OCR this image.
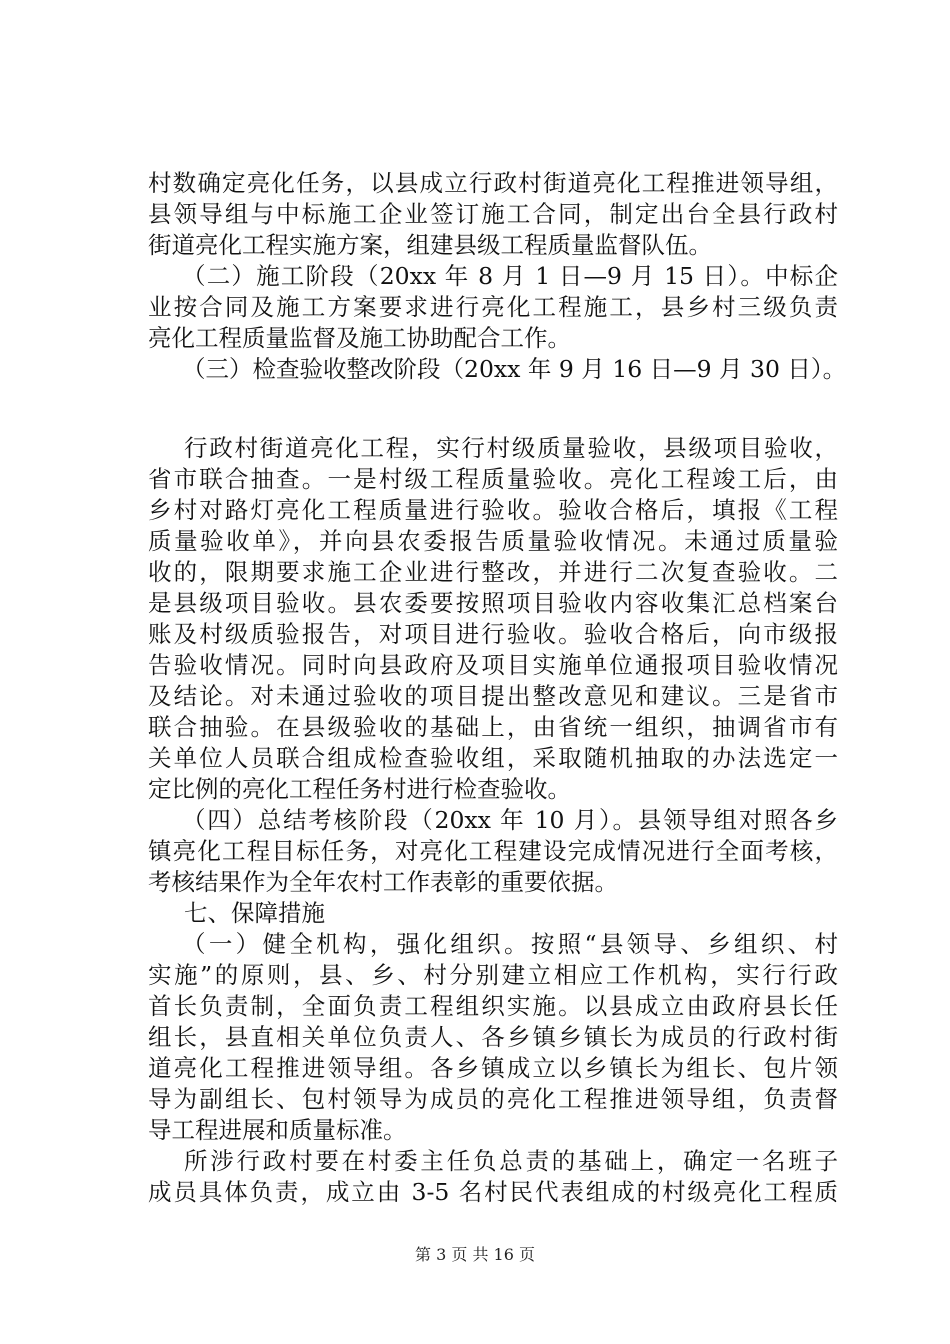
村数确定亮化任务，以县成立行政村街道亮化工程推进领导组，
县领导组与中标施工企业签订施工合同，制定出台全县行政村
街道亮化工程实施方案，组建县级工程质量监督队伍。
（二）施工阶段（20xx 年 8 月 1 日—9 月 15 日）。中标企
业按合同及施工方案要求进行亮化工程施工，县乡村三级负责
亮化工程质量监督及施工协助配合工作。
（三）检查验收整改阶段（20xx 年 9 月 16 日—9 月 30 日）。
行政村街道亮化工程，实行村级质量验收，县级项目验收，
省市联合抽查。一是村级工程质量验收。亮化工程竣工后，由
乡村对路灯亮化工程质量进行验收。验收合格后，填报《工程
质量验收单》，并向县农委报告质量验收情况。未通过质量验
收的，限期要求施工企业进行整改，并进行二次复查验收。二
是县级项目验收。县农委要按照项目验收内容收集汇总档案台
账及村级质验报告，对项目进行验收。验收合格后，向市级报
告验收情况。同时向县政府及项目实施单位通报项目验收情况
及结论。对未通过验收的项目提出整改意见和建议。三是省市
联合抽验。在县级验收的基础上，由省统一组织，抽调省市有
关单位人员联合组成检查验收组，采取随机抽取的办法选定一
定比例的亮化工程任务村进行检查验收。
（四）总结考核阶段（20xx 年 10 月）。县领导组对照各乡
镇亮化工程目标任务，对亮化工程建设完成情况进行全面考核，
考核结果作为全年农村工作表彰的重要依据。
七、保障措施
（一）健全机构，强化组织。按照“县领导、乡组织、村
实施”的原则，县、乡、村分别建立相应工作机构，实行行政
首长负责制，全面负责工程组织实施。以县成立由政府县长任
组长，县直相关单位负责人、各乡镇乡镇长为成员的行政村街
道亮化工程推进领导组。各乡镇成立以乡镇长为组长、包片领
导为副组长、包村领导为成员的亮化工程推进领导组，负责督
导工程进展和质量标准。
所涉行政村要在村委主任负总责的基础上，确定一名班子
成员具体负责，成立由 3-5 名村民代表组成的村级亮化工程质
第 3 页 共 16 页
